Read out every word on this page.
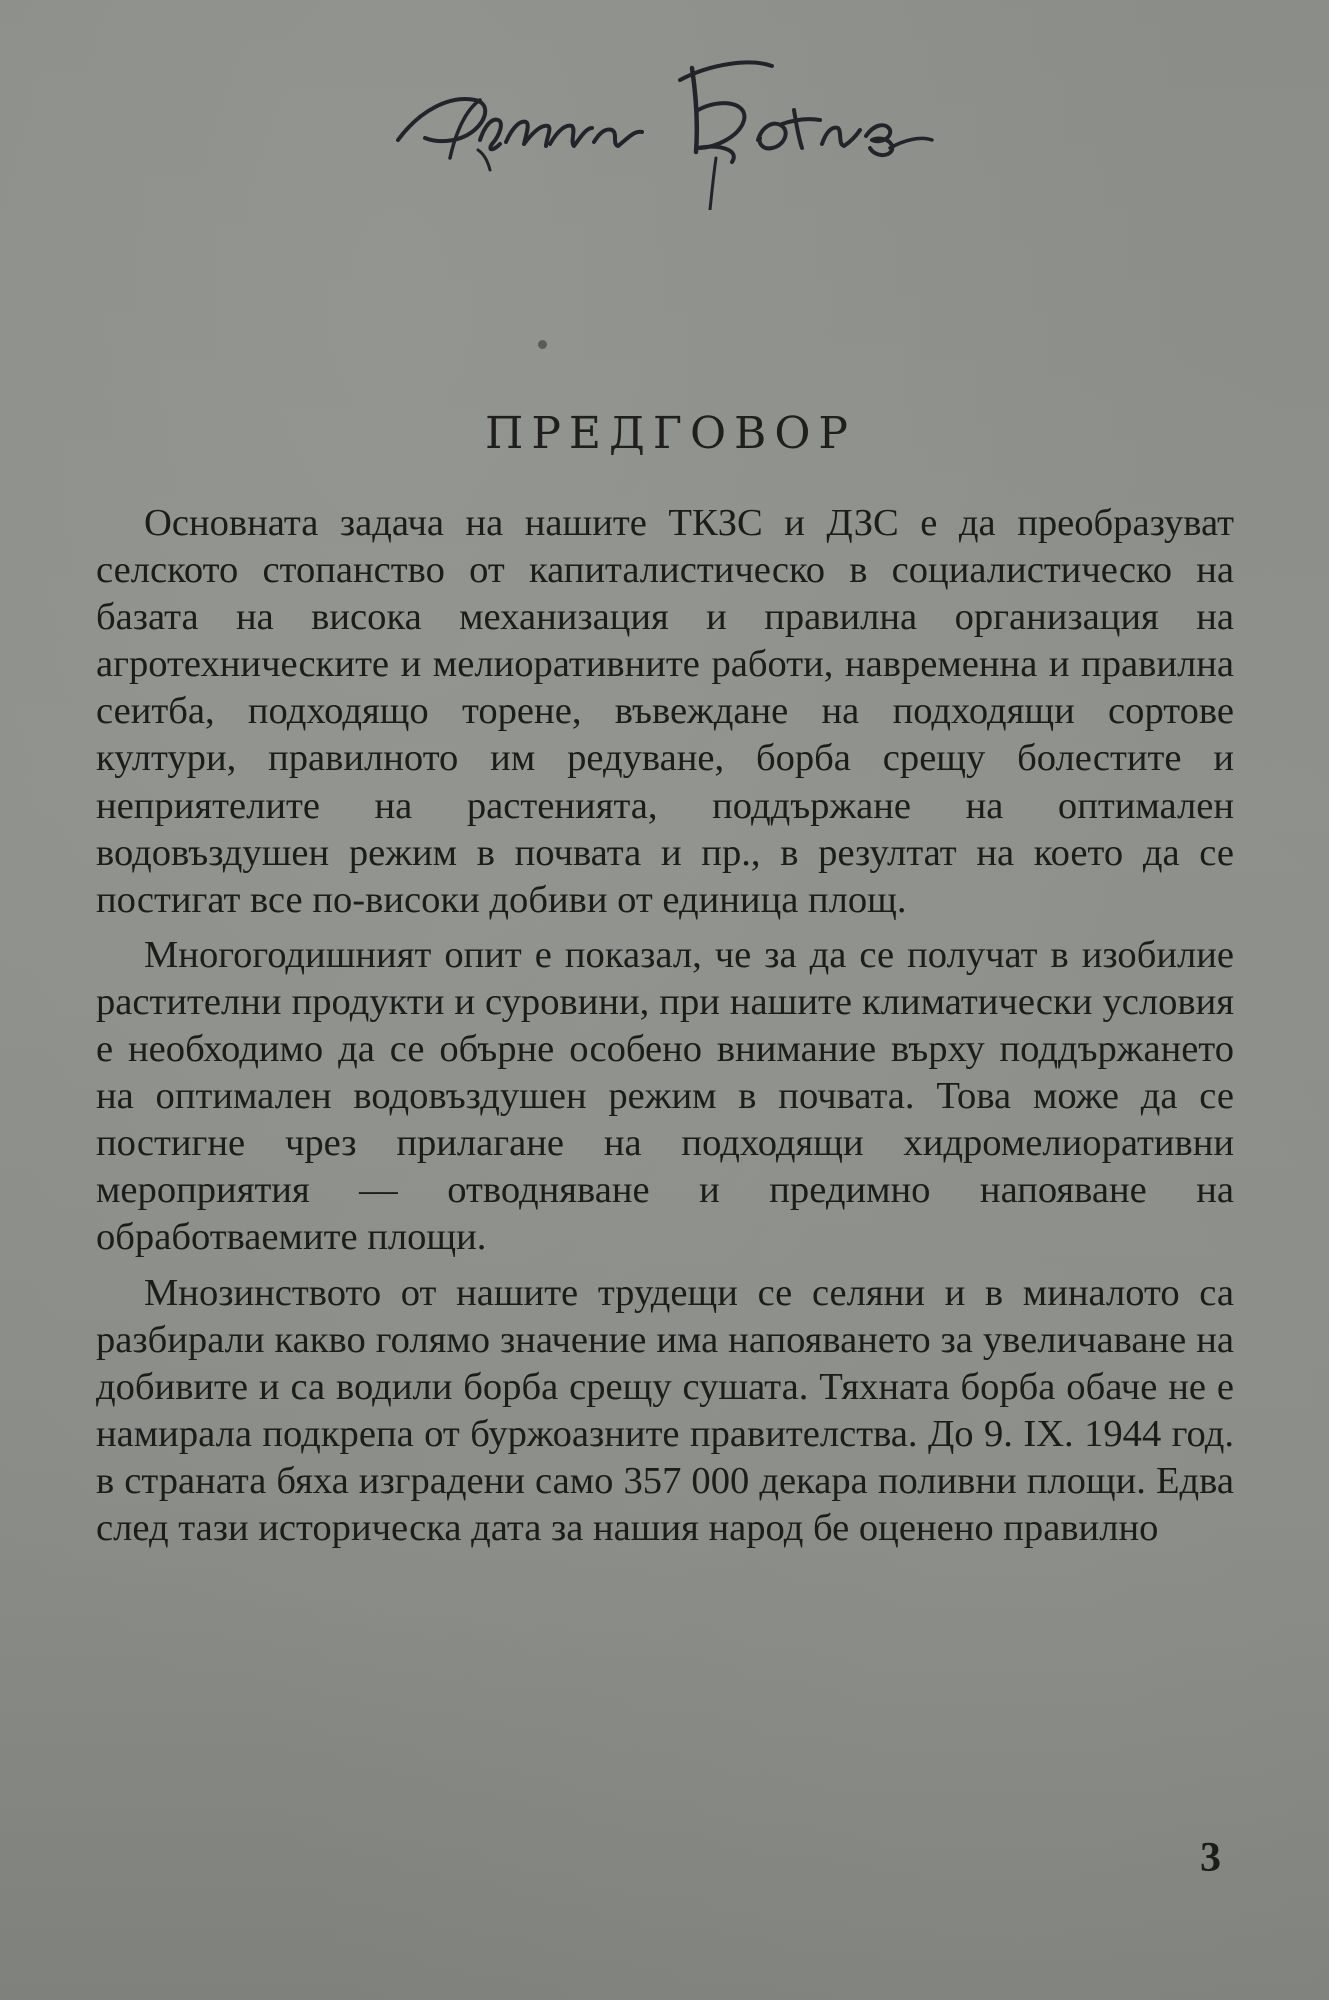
ПРЕДГОВОР

Основната задача на нашите ТКЗС и ДЗС е да преобразуват селското стопанство от капиталистическо в социалистическо на базата на висока механизация и правилна организация на агротехническите и мелиоративните работи, навременна и правилна сеитба, подходящо торене, въвеждане на подходящи сортове култури, правилното им редуване, борба срещу болестите и неприятелите на растенията, поддържане на оптимален водовъздушен режим в почвата и пр., в резултат на което да се постигат все по-високи добиви от единица площ.

Многогодишният опит е показал, че за да се получат в изобилие растителни продукти и суровини, при нашите климатически условия е необходимо да се обърне особено внимание върху поддържането на оптимален водовъздушен режим в почвата. Това може да се постигне чрез прилагане на подходящи хидромелиоративни мероприятия — отводняване и предимно напояване на обработваемите площи.

Мнозинството от нашите трудещи се селяни и в миналото са разбирали какво голямо значение има напояването за увеличаване на добивите и са водили борба срещу сушата. Тяхната борба обаче не е намирала подкрепа от буржоазните правителства. До 9. IX. 1944 год. в страната бяха изградени само 357 000 декара поливни площи. Едва след тази историческа дата за нашия народ бе оценено правилно

3
